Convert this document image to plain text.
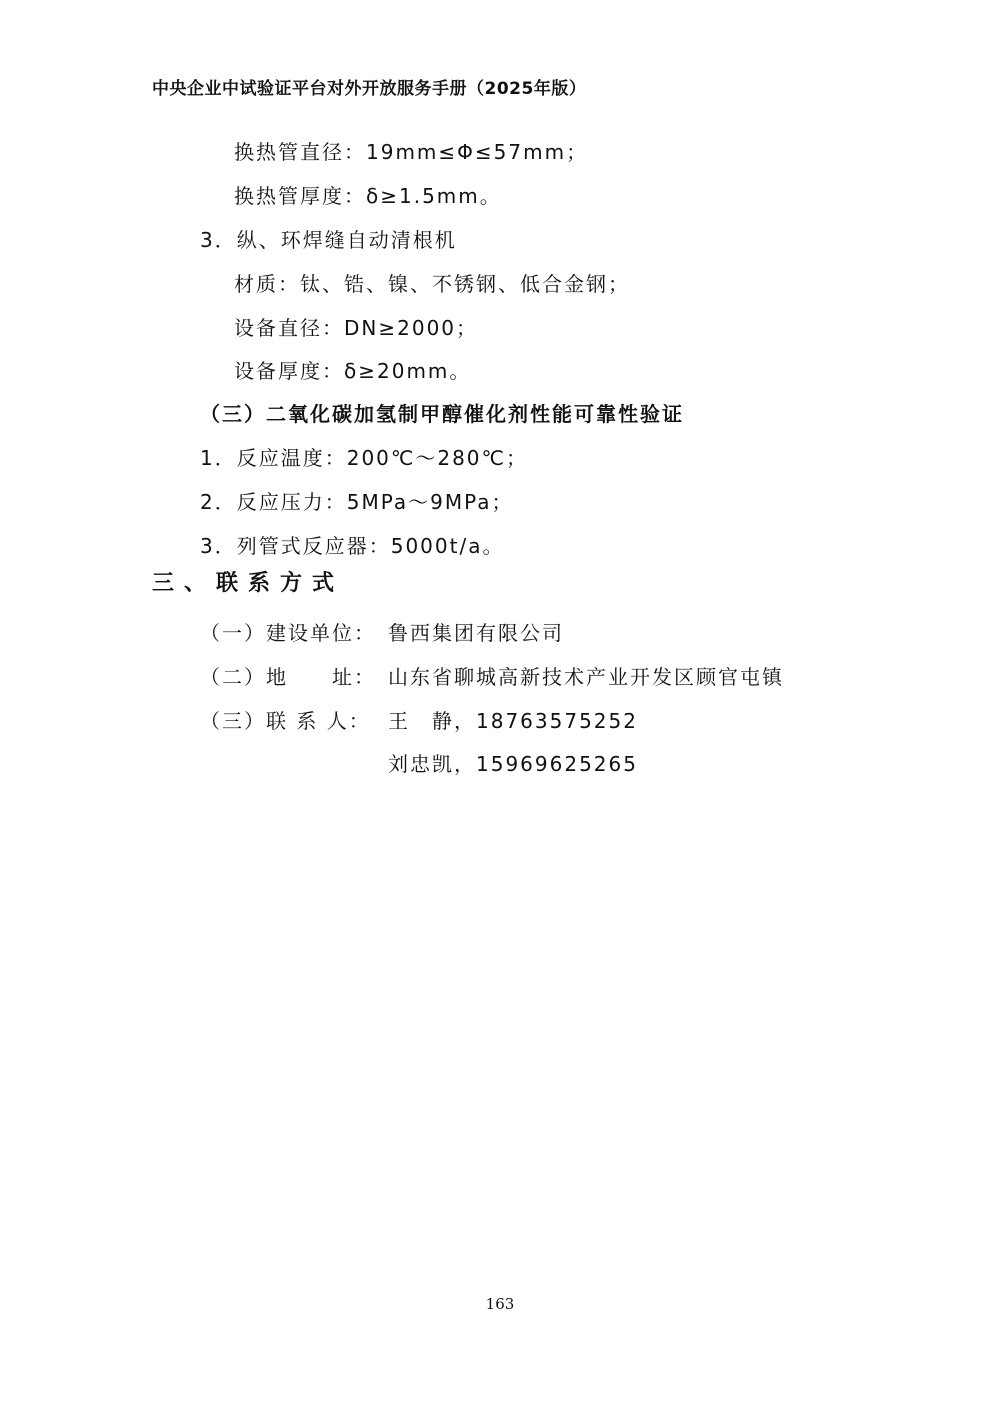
中央企业中试验证平台对外开放服务手册（2025年版）
换热管直径：19mm≤Φ≤57mm；
换热管厚度：δ≥1.5mm。
3．纵、环焊缝自动清根机
材质：钛、锆、镍、不锈钢、低合金钢；
设备直径：DN≥2000；
设备厚度：δ≥20mm。
（三）二氧化碳加氢制甲醇催化剂性能可靠性验证
1．反应温度：200℃～280℃；
2．反应压力：5MPa～9MPa；
3．列管式反应器：5000t/a。
三、联系方式
（一）建设单位： 鲁西集团有限公司
（二）地　　址： 山东省聊城高新技术产业开发区顾官屯镇
（三）联 系 人： 王　静，18763575252
刘忠凯，15969625265
163
